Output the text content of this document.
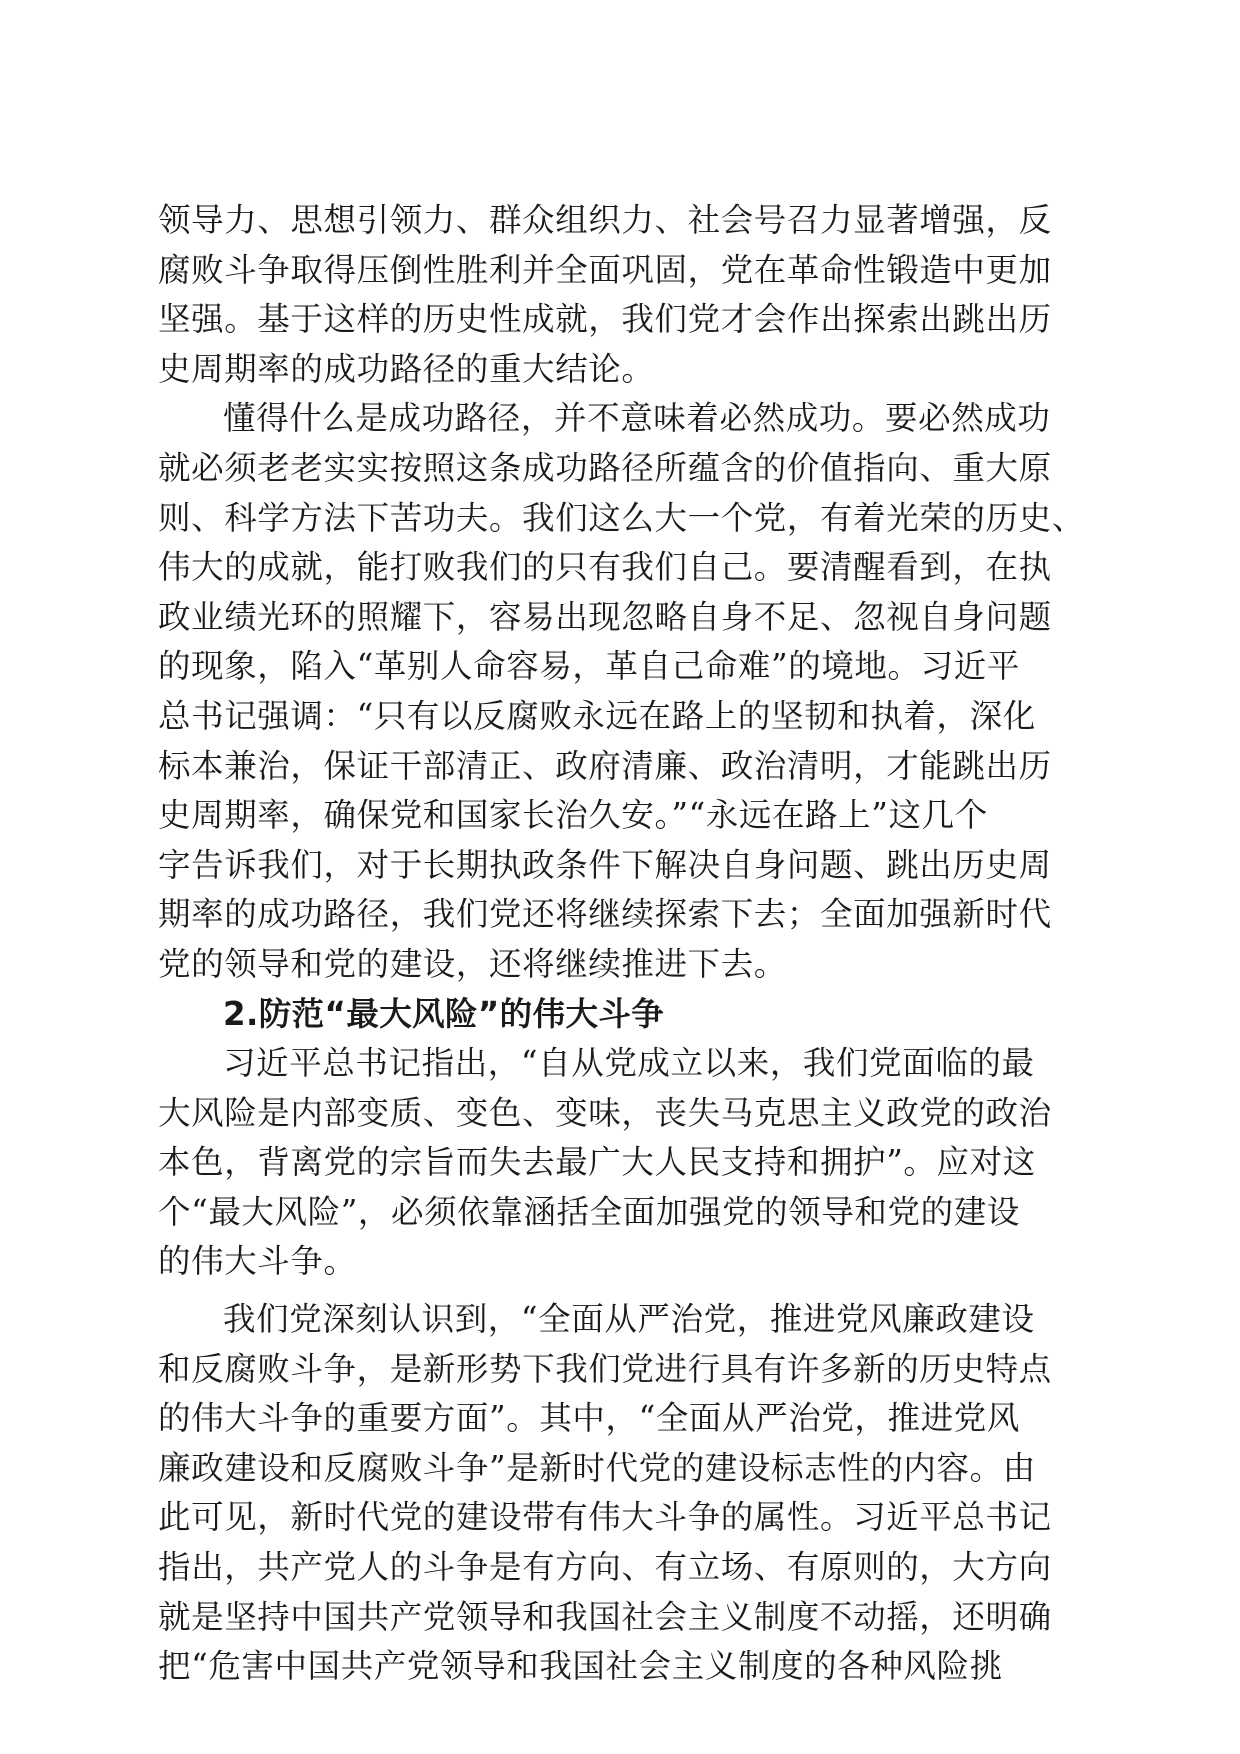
领导力、思想引领力、群众组织力、社会号召力显著增强，反
腐败斗争取得压倒性胜利并全面巩固，党在革命性锻造中更加
坚强。基于这样的历史性成就，我们党才会作出探索出跳出历
史周期率的成功路径的重大结论。
懂得什么是成功路径，并不意味着必然成功。要必然成功
就必须老老实实按照这条成功路径所蕴含的价值指向、重大原
则、科学方法下苦功夫。我们这么大一个党，有着光荣的历史、
伟大的成就，能打败我们的只有我们自己。要清醒看到，在执
政业绩光环的照耀下，容易出现忽略自身不足、忽视自身问题
的现象，陷入“革别人命容易，革自己命难”的境地。习近平
总书记强调：“只有以反腐败永远在路上的坚韧和执着，深化
标本兼治，保证干部清正、政府清廉、政治清明，才能跳出历
史周期率，确保党和国家长治久安。”“永远在路上”这几个
字告诉我们，对于长期执政条件下解决自身问题、跳出历史周
期率的成功路径，我们党还将继续探索下去；全面加强新时代
党的领导和党的建设，还将继续推进下去。
2.防范“最大风险”的伟大斗争
习近平总书记指出，“自从党成立以来，我们党面临的最
大风险是内部变质、变色、变味，丧失马克思主义政党的政治
本色，背离党的宗旨而失去最广大人民支持和拥护”。应对这
个“最大风险”，必须依靠涵括全面加强党的领导和党的建设
的伟大斗争。
我们党深刻认识到，“全面从严治党，推进党风廉政建设
和反腐败斗争，是新形势下我们党进行具有许多新的历史特点
的伟大斗争的重要方面”。其中，“全面从严治党，推进党风
廉政建设和反腐败斗争”是新时代党的建设标志性的内容。由
此可见，新时代党的建设带有伟大斗争的属性。习近平总书记
指出，共产党人的斗争是有方向、有立场、有原则的，大方向
就是坚持中国共产党领导和我国社会主义制度不动摇，还明确
把“危害中国共产党领导和我国社会主义制度的各种风险挑
